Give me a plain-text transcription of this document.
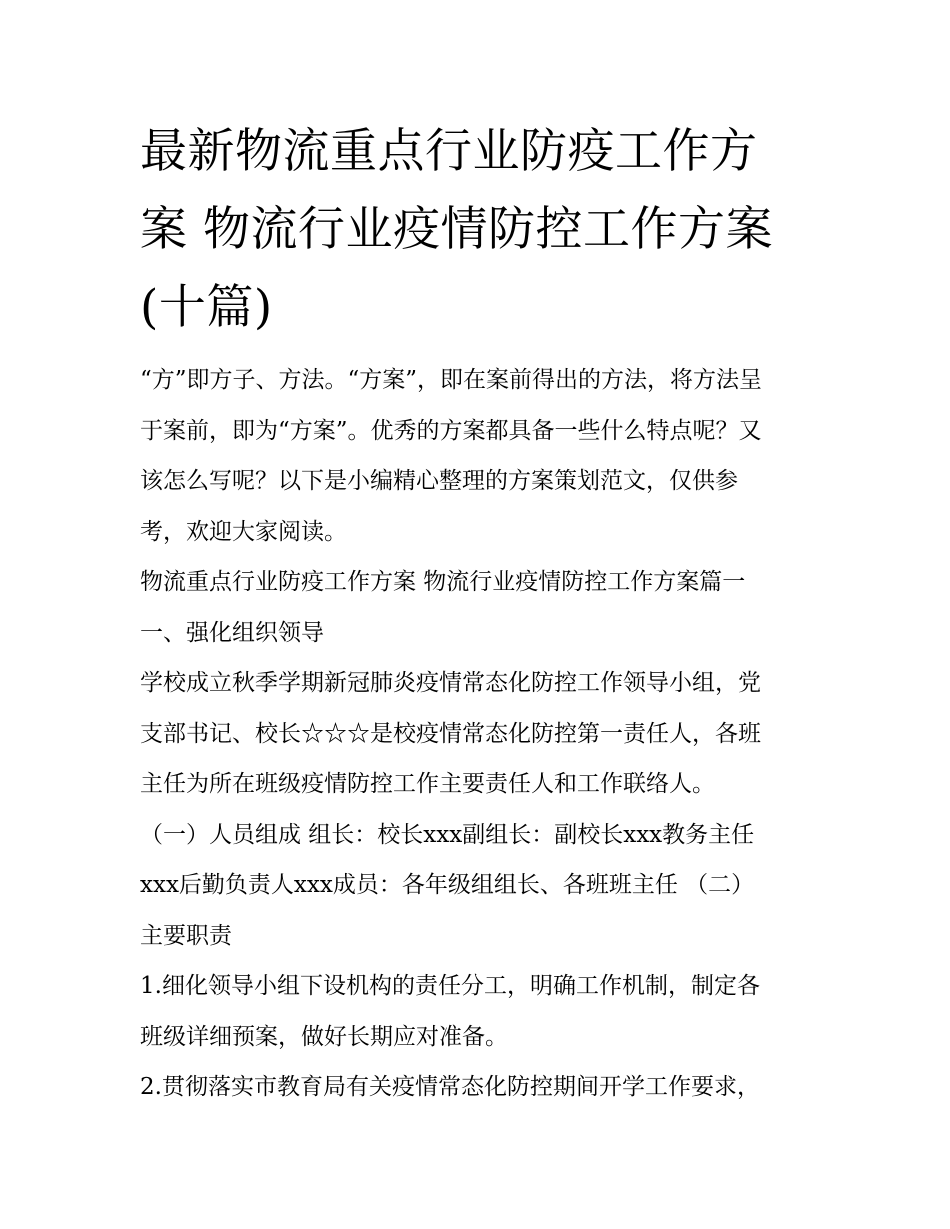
最新物流重点行业防疫工作方
案 物流行业疫情防控工作方案
(十篇)

“方”即方子、方法。“方案”，即在案前得出的方法，将方法呈

于案前，即为“方案”。优秀的方案都具备一些什么特点呢？又

该怎么写呢？以下是小编精心整理的方案策划范文，仅供参

考，欢迎大家阅读。

物流重点行业防疫工作方案 物流行业疫情防控工作方案篇一

一、强化组织领导

学校成立秋季学期新冠肺炎疫情常态化防控工作领导小组，党

支部书记、校长☆☆☆是校疫情常态化防控第一责任人，各班

主任为所在班级疫情防控工作主要责任人和工作联络人。

（一）人员组成 组长：校长xxx副组长：副校长xxx教务主任

xxx后勤负责人xxx成员：各年级组组长、各班班主任 （二）

主要职责

1.细化领导小组下设机构的责任分工，明确工作机制，制定各

班级详细预案，做好长期应对准备。

2.贯彻落实市教育局有关疫情常态化防控期间开学工作要求，
